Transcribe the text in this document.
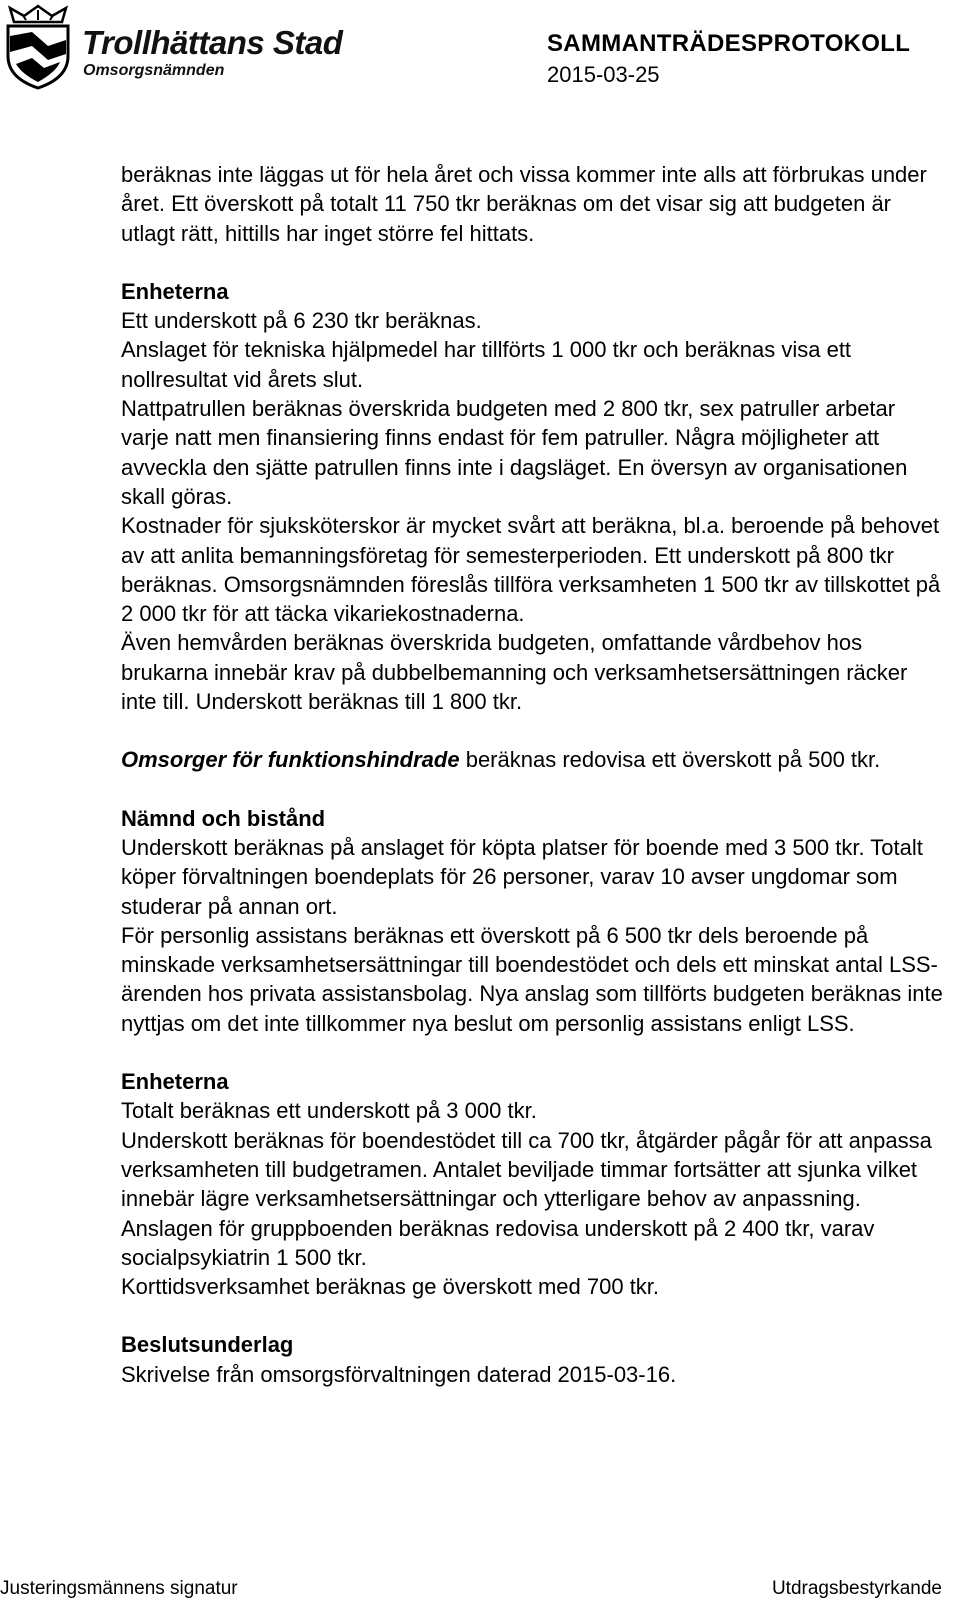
Trollhättans Stad
Omsorgsnämnden
SAMMANTRÄDESPROTOKOLL
2015-03-25

beräknas inte läggas ut för hela året och vissa kommer inte alls att förbrukas under året. Ett överskott på totalt 11 750 tkr beräknas om det visar sig att budgeten är utlagt rätt, hittills har inget större fel hittats.

Enheterna

Ett underskott på 6 230 tkr beräknas.

Anslaget för tekniska hjälpmedel har tillförts 1 000 tkr och beräknas visa ett nollresultat vid årets slut.

Nattpatrullen beräknas överskrida budgeten med 2 800 tkr, sex patruller arbetar varje natt men finansiering finns endast för fem patruller. Några möjligheter att avveckla den sjätte patrullen finns inte i dagsläget. En översyn av organisationen skall göras.

Kostnader för sjuksköterskor är mycket svårt att beräkna, bl.a. beroende på behovet av att anlita bemanningsföretag för semesterperioden. Ett underskott på 800 tkr beräknas. Omsorgsnämnden föreslås tillföra verksamheten 1 500 tkr av tillskottet på 2 000 tkr för att täcka vikariekostnaderna.

Även hemvården beräknas överskrida budgeten, omfattande vårdbehov hos brukarna innebär krav på dubbelbemanning och verksamhetsersättningen räcker inte till. Underskott beräknas till 1 800 tkr.

Omsorger för funktionshindrade beräknas redovisa ett överskott på 500 tkr.

Nämnd och bistånd

Underskott beräknas på anslaget för köpta platser för boende med 3 500 tkr. Totalt köper förvaltningen boendeplats för 26 personer, varav 10 avser ungdomar som studerar på annan ort.

För personlig assistans beräknas ett överskott på 6 500 tkr dels beroende på minskade verksamhetsersättningar till boendestödet och dels ett minskat antal LSS-ärenden hos privata assistansbolag. Nya anslag som tillförts budgeten beräknas inte nyttjas om det inte tillkommer nya beslut om personlig assistans enligt LSS.

Enheterna

Totalt beräknas ett underskott på 3 000 tkr.

Underskott beräknas för boendestödet till ca 700 tkr, åtgärder pågår för att anpassa verksamheten till budgetramen. Antalet beviljade timmar fortsätter att sjunka vilket innebär lägre verksamhetsersättningar och ytterligare behov av anpassning.

Anslagen för gruppboenden beräknas redovisa underskott på 2 400 tkr, varav socialpsykiatrin 1 500 tkr.

Korttidsverksamhet beräknas ge överskott med 700 tkr.

Beslutsunderlag

Skrivelse från omsorgsförvaltningen daterad 2015-03-16.

Justeringsmännens signatur	Utdragsbestyrkande
